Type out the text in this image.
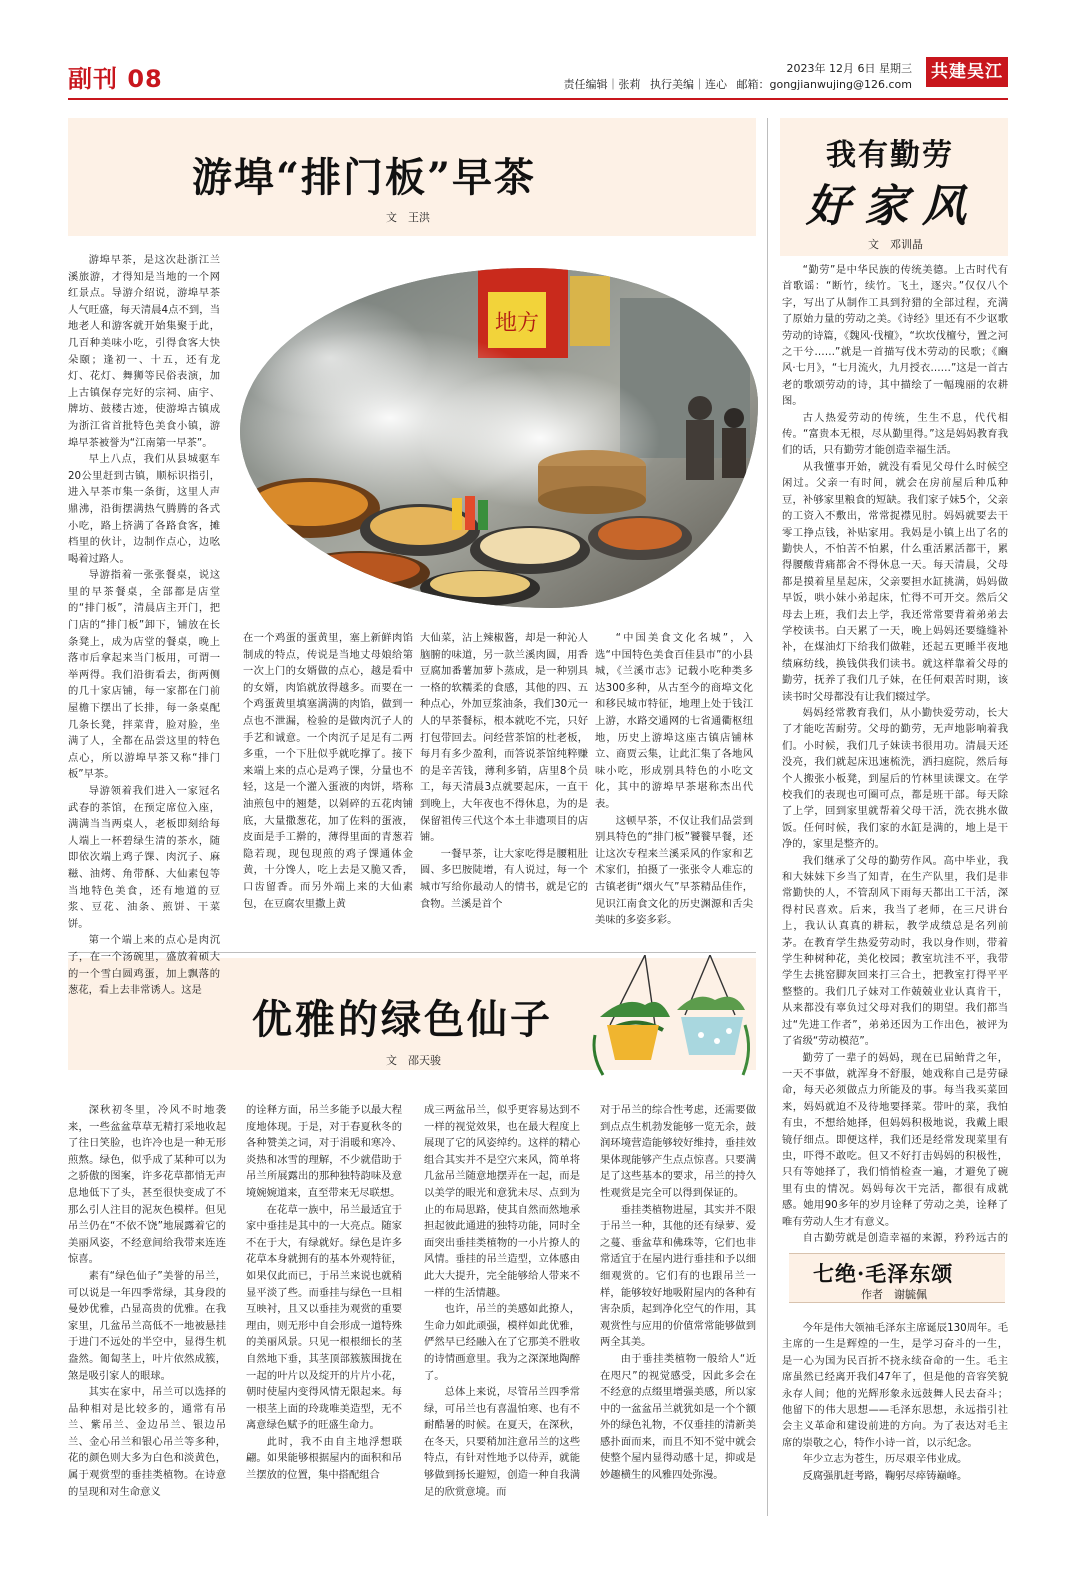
副刊 08	2023年 12月 6日 星期三
责任编辑｜张莉 执行美编｜连心 邮箱：gongjianwujing@126.com
共建吴江
游埠“排门板”早茶
文　王洪

游埠早茶，是这次赴浙江兰溪旅游，才得知是当地的一个网红景点。导游介绍说，游埠早茶人气旺盛，每天清晨4点不到，当地老人和游客就开始集聚于此，几百种美味小吃，引得食客大快朵颐；逢初一、十五，还有龙灯、花灯、舞狮等民俗表演，加上古镇保存完好的宗祠、庙宇、牌坊、鼓楼古迹，使游埠古镇成为浙江省首批特色美食小镇，游埠早茶被誉为“江南第一早茶”。

早上八点，我们从县城驱车20公里赶到古镇，顺标识指引，进入早茶市集一条街，这里人声鼎沸，沿街摆满热气腾腾的各式小吃，路上挤满了各路食客，摊档里的伙计，边制作点心，边吆喝着过路人。

导游指着一张张餐桌，说这里的早茶餐桌，全部都是店堂的“排门板”，清晨店主开门，把门店的“排门板”卸下，铺放在长条凳上，成为店堂的餐桌，晚上落市后拿起来当门板用，可谓一举两得。我们沿街看去，街两侧的几十家店铺，每一家都在门前屋檐下摆出了长排，每一条桌配几条长凳，拌菜背，脸对脸，坐满了人，全都在品尝这里的特色点心，所以游埠早茶又称“排门板”早茶。

导游领着我们进入一家冠名武春的茶馆，在预定席位入座，满满当当两桌人，老板即刻给每人端上一杯碧绿生清的茶水，随即依次端上鸡子馃、肉沉子、麻糍、油烤、角带酥、大仙素包等当地特色美食，还有地道的豆浆、豆花、油条、煎饼、干菜饼。

第一个端上来的点心是肉沉子，在一个汤碗里，盛放着硕大的一个雪白圆鸡蛋，加上飘落的葱花，看上去非常诱人。这是

地方

在一个鸡蛋的蛋黄里，塞上新鲜肉馅制成的特点，传说是当地丈母娘给第一次上门的女婿做的点心，越是看中的女婿，肉馅就放得越多。而要在一个鸡蛋黄里填塞满满的肉馅，做到一点也不泄漏，检验的是做肉沉子人的手艺和诚意。一个肉沉子足足有二两多重，一个下肚似乎就吃撑了。接下来端上来的点心是鸡子馃，分量也不轻，这是一个灌入蛋液的肉饼，塔称油煎包中的翘楚，以剁碎的五花肉铺底，大量撒葱花，加了佐料的蛋液，皮面是手工擀的，薄得里面的青葱若隐若现，现包现煎的鸡子馃通体金黄，十分馋人，吃上去是又脆又香，口齿留香。而另外端上来的大仙素包，在豆腐农里撒上黄

大仙菜，沾上辣椒酱，却是一种沁人脑腑的味道，另一款兰溪肉圆，用香豆腐加番薯加萝卜蒸成，是一种别具一格的软糯柔的食感，其他的四、五种点心，外加豆浆油条，我们30元一人的早茶餐标，根本就吃不完，只好打包带回去。问经营茶馆的杜老板，每月有多少盈利，而答说茶馆纯粹赚的是辛苦钱，薄利多销，店里8个员工，每天清晨3点就要起床，一直干到晚上，大年夜也不得休息，为的是保留祖传三代这个本土非遗项目的店铺。

一餐早茶，让大家吃得是腰粗肚圆、多巴胺陡增，有人说过，每一个城市写给你最动人的情书，就是它的食物。兰溪是首个

“中国美食文化名城”，入选“中国特色美食百佳县市”的小县城，《兰溪市志》记载小吃种类多达300多种，从古至今的商埠文化和移民城市特征，地理上处于钱江上游，水路交通网的七省通衢枢纽地，历史上游埠这座古镇店铺林立、商贾云集，让此汇集了各地风味小吃，形成别具特色的小吃文化，其中的游埠早茶堪称杰出代表。

这顿早茶，不仅让我们品尝到别具特色的“排门板”饕餮早餐，还让这次专程来兰溪采风的作家和艺术家们，拍摄了一张张令人难忘的古镇老街“烟火气”早茶精品佳作，见识江南食文化的历史渊源和舌尖美味的多姿多彩。

优雅的绿色仙子
文　邵天骏

深秋初冬里，冷风不时地袭来，一些盆盆草草无精打采地收起了往日笑脸，也许冷也是一种无形煎熬。绿色，似乎成了某种可以为之骄傲的图案，许多花草都悄无声息地低下了头，甚至很快变成了不那么引人注目的泥灰色模样。但见吊兰仍在“不依不饶”地展露着它的美丽风姿，不经意间给我带来连连惊喜。

素有“绿色仙子”美誉的吊兰，可以说是一年四季常绿，其身段的曼妙优雅，凸显高贵的优雅。在我家里，几盆吊兰高低不一地被悬挂于进门不远处的半空中，显得生机盎然。匍匐茎上，叶片依然成簇，煞是吸引家人的眼球。

其实在家中，吊兰可以选择的品种相对是比较多的，通常有吊兰、紫吊兰、金边吊兰、银边吊兰、金心吊兰和银心吊兰等多种，花的颜色则大多为白色和淡黄色，属于观赏型的垂挂类植物。在诗意的呈现和对生命意义

的诠释方面，吊兰多能予以最大程度地体现。于是，对于春夏秋冬的各种赞美之词，对于涓暖和寒冷、炎热和冰雪的理解，不少就借助于吊兰所展露出的那种独特韵味及意境婉婉道来，直至带来无尽联想。

在花草一族中，吊兰最适宜于家中垂挂是其中的一大亮点。随家不在于大，有绿就好。绿色是许多花草本身就拥有的基本外观特征，如果仅此而已，于吊兰来说也就稍显平淡了些。而垂挂与绿色一旦相互映衬，且又以垂挂为观赏的重要理由，则无形中自会形成一道特殊的美丽风景。只见一根根细长的茎自然地下垂，其茎顶部簇簇围拢在一起的叶片以及绽开的片片小花，朝时使屋内变得风情无限起来。每一根茎上面的玲珑唯美造型，无不离意绿色赋予的旺盛生命力。

此时，我不由自主地浮想联翩。如果能够根据屋内的面积和吊兰摆放的位置，集中搭配组合

成三两盆吊兰，似乎更容易达到不一样的视觉效果，也在最大程度上展现了它的风姿绰约。这样的精心组合其实并不是空穴来风，简单将几盆吊兰随意地摆弄在一起，而是以美学的眼光和意犹未尽、点到为止的布局思路，使其自然而然地承担起彼此通进的独特功能，同时全面突出垂挂类植物的一小片撩人的风情。垂挂的吊兰造型，立体感由此大大提升，完全能够给人带来不一样的生活情趣。

也许，吊兰的美感如此撩人，生命力如此顽强，模样如此优雅，俨然早已经融入在了它那美不胜收的诗情画意里。我为之深深地陶醉了。

总体上来说，尽管吊兰四季常绿，可吊兰也有喜温怕寒、也有不耐酷暑的时候。在夏天，在深秋，在冬天，只要稍加注意吊兰的这些特点，有针对性地予以侍弄，就能够做到扬长避短，创造一种自我满足的欣赏意境。而

对于吊兰的综合性考虑，还需要做到点点生机勃发能够一览无余，鼓润环境营造能够较好维持，垂挂效果体现能够产生点点惊喜。只要满足了这些基本的要求，吊兰的持久性观赏是完全可以得到保证的。

垂挂类植物进屋，其实并不限于吊兰一种，其他的还有绿萝、爱之蔓、垂盆草和佛珠等，它们也非常适宜于在屋内进行垂挂和予以细细观赏的。它们有的也跟吊兰一样，能够较好地吸附屋内的各种有害杂质，起到净化空气的作用，其观赏性与应用的价值常常能够做到两全其美。

由于垂挂类植物一般给人“近在咫尺”的视觉感受，因此多会在不经意的点缀里增强美感，所以家中的一盆盆吊兰就犹如是一个个额外的绿色礼物，不仅垂挂的清新美感扑面而来，而且不知不觉中就会使整个屋内显得动感十足，抑或是妙趣横生的风雅四处弥漫。

我有勤劳
好家风
文　邓训晶

“勤劳”是中华民族的传统美德。上古时代有首歌谣：“断竹，续竹。飞土，逐宍。”仅仅八个字，写出了从制作工具到狩猎的全部过程，充满了原始力量的劳动之美。《诗经》里还有不少讴歌劳动的诗篇，《魏风·伐檀》，“坎坎伐檀兮，置之河之干兮……”就是一首描写伐木劳动的民歌；《豳风·七月》，“七月流火，九月授衣……”这是一首古老的歌颂劳动的诗，其中描绘了一幅瑰丽的农耕图。

古人热爱劳动的传统，生生不息，代代相传。“富贵本无根，尽从勤里得。”这是妈妈教育我们的话，只有勤劳才能创造幸福生活。

从我懂事开始，就没有看见父母什么时候空闲过。父亲一有时间，就会在房前屋后种瓜种豆，补够家里粮食的短缺。我们家子妹5个，父亲的工资入不敷出，常常捉襟见肘。妈妈就要去干零工挣点钱，补贴家用。我妈是小镇上出了名的勤快人，不怕苦不怕累，什么重活累活都干，累得腰酸背痛都舍不得休息一天。每天清晨，父母都是摸着星星起床，父亲要担水缸挑满，妈妈做早饭，哄小妹小弟起床，忙得不可开交。然后父母去上班，我们去上学，我还常常要背着弟弟去学校读书。白天累了一天，晚上妈妈还要缝缝补补，在煤油灯下给我们做鞋，还起五更睡半夜地绩麻纺线，换钱供我们读书。就这样靠着父母的勤劳，抚养了我们几子妹，在任何艰苦时期，该读书时父母都没有让我们辍过学。

妈妈经常教育我们，从小勤快爱劳动，长大了才能吃苦耐劳。父母的勤劳，无声地影响着我们。小时候，我们几子妹读书很用功。清晨天还没亮，我们就起床迅速梳洗，洒扫庭院，然后每个人搬张小板凳，到屋后的竹林里读课文。在学校我们的表现也可圈可点，都是班干部。每天除了上学，回到家里就帮着父母干活，洗衣挑水做饭。任何时候，我们家的水缸是满的，地上是干净的，家里是整齐的。

我们继承了父母的勤劳作风。高中毕业，我和大妹妹下乡当了知青，在生产队里，我们是非常勤快的人，不管刮风下雨每天都出工干活，深得村民喜欢。后来，我当了老师，在三尺讲台上，我认认真真的耕耘，教学成绩总是名列前茅。在教育学生热爱劳动时，我以身作则，带着学生种树种花，美化校园；教室坑洼不平，我带学生去挑窑脚灰回来打三合土，把教室打得平平整整的。我们几子妹对工作兢兢业业认真肯干，从来都没有辜负过父母对我们的期望。我们都当过“先进工作者”，弟弟还因为工作出色，被评为了省级“劳动模范”。

勤劳了一辈子的妈妈，现在已届鲐背之年，一天不事做，就浑身不舒服，她戏称自己是劳碌命，每天必须做点力所能及的事。每当我买菜回来，妈妈就迫不及待地要择菜。带叶的菜，我怕有虫，不想给她择，但妈妈积极地说，我戴上眼镜仔细点。即便这样，我们还是经常发现菜里有虫，吓得不敢吃。但又不好打击妈妈的积极性，只有等她择了，我们悄悄检查一遍，才避免了碗里有虫的情况。妈妈每次干完活，都很有成就感。她用90多年的岁月诠释了劳动之美，诠释了唯有劳动人生才有意义。

自古勤劳就是创造幸福的来源，矜矜远古的

七绝·毛泽东颂
作者　谢毓佩

今年是伟大领袖毛泽东主席诞辰130周年。毛主席的一生是辉煌的一生，是学习奋斗的一生，是一心为国为民百折不挠永续奋命的一生。毛主席虽然已经离开我们47年了，但是他的音容笑貌永存人间；他的光辉形象永远鼓舞人民去奋斗；他留下的伟大思想——毛泽东思想，永远指引社会主义革命和建设前进的方向。为了表达对毛主席的崇敬之心，特作小诗一首，以示纪念。

年少立志为苍生，历尽艰辛伟业成。

反腐强肌赶考路，鞠躬尽瘁铸巅峰。
